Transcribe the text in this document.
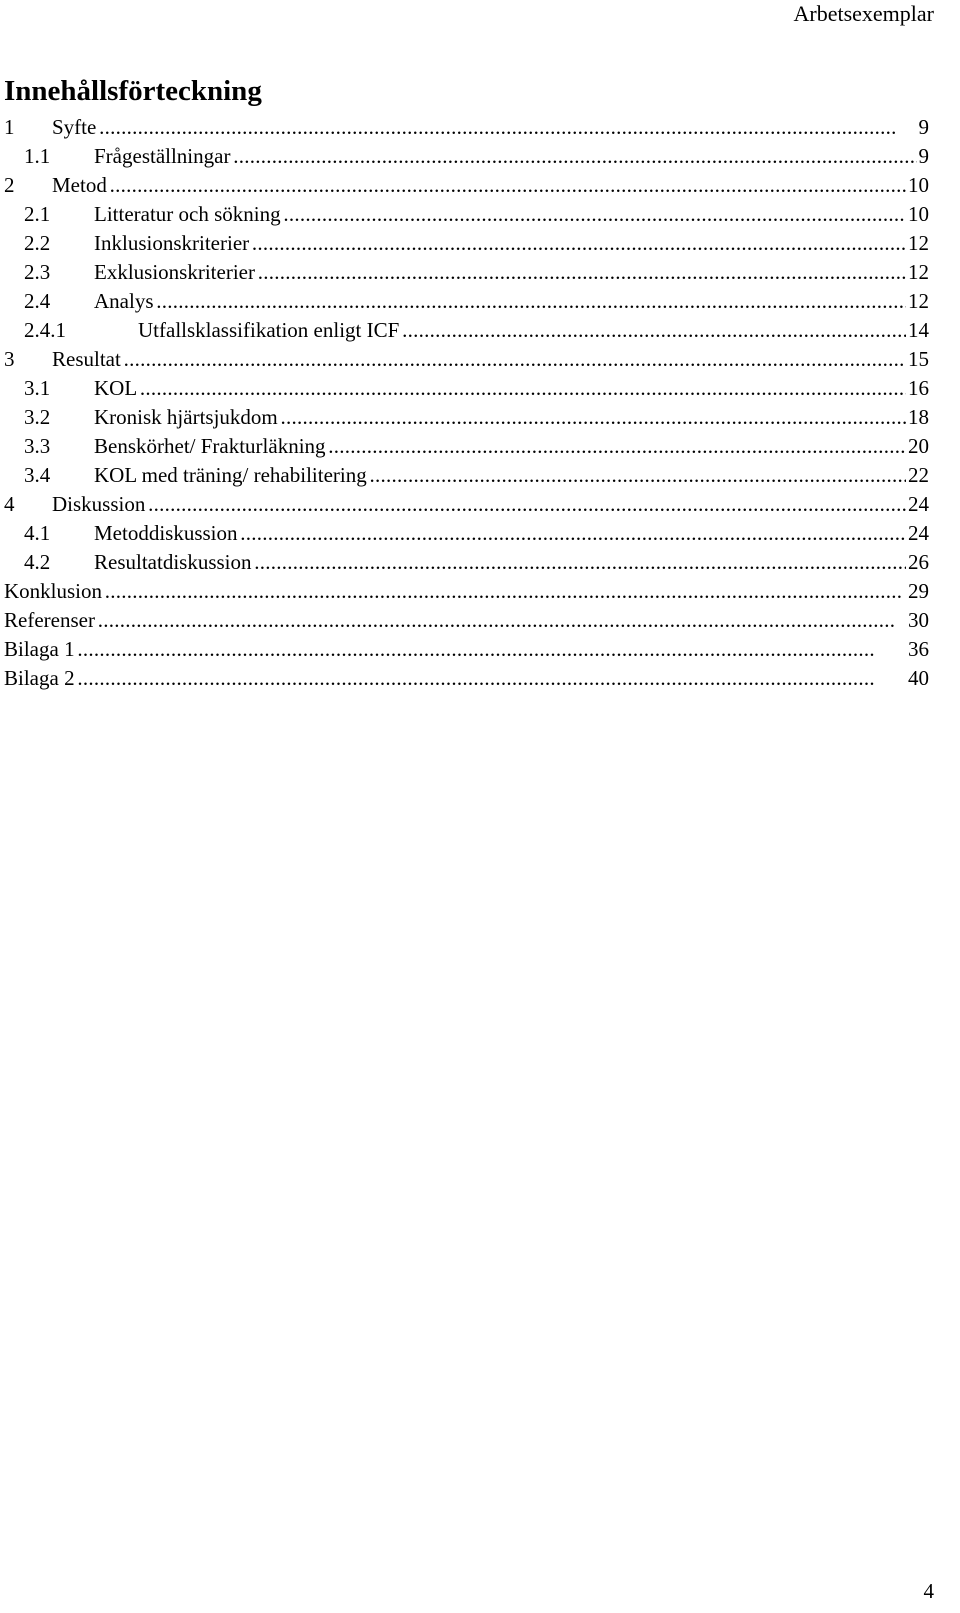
Arbetsexemplar
Innehållsförteckning
1 Syfte . . .	9
1.1 Frågeställningar . . .	9
2 Metod . . .	10
2.1 Litteratur och sökning . . .	10
2.2 Inklusionskriterier . . .	12
2.3 Exklusionskriterier . . .	12
2.4 Analys . . .	12
2.4.1	Utfallsklassifikation enligt ICF . . .	14
3 Resultat . . .	15
3.1 KOL . . .	16
3.2 Kronisk hjärtsjukdom . . .	18
3.3 Benskörhet/ Frakturläkning . . .	20
3.4 KOL med träning/ rehabilitering . . .	22
4 Diskussion . . .	24
4.1 Metoddiskussion . . .	24
4.2 Resultatdiskussion . . .	26
Konklusion . . .	29
Referenser . . .	30
Bilaga 1 . . .	36
Bilaga 2 . . .	40
4
